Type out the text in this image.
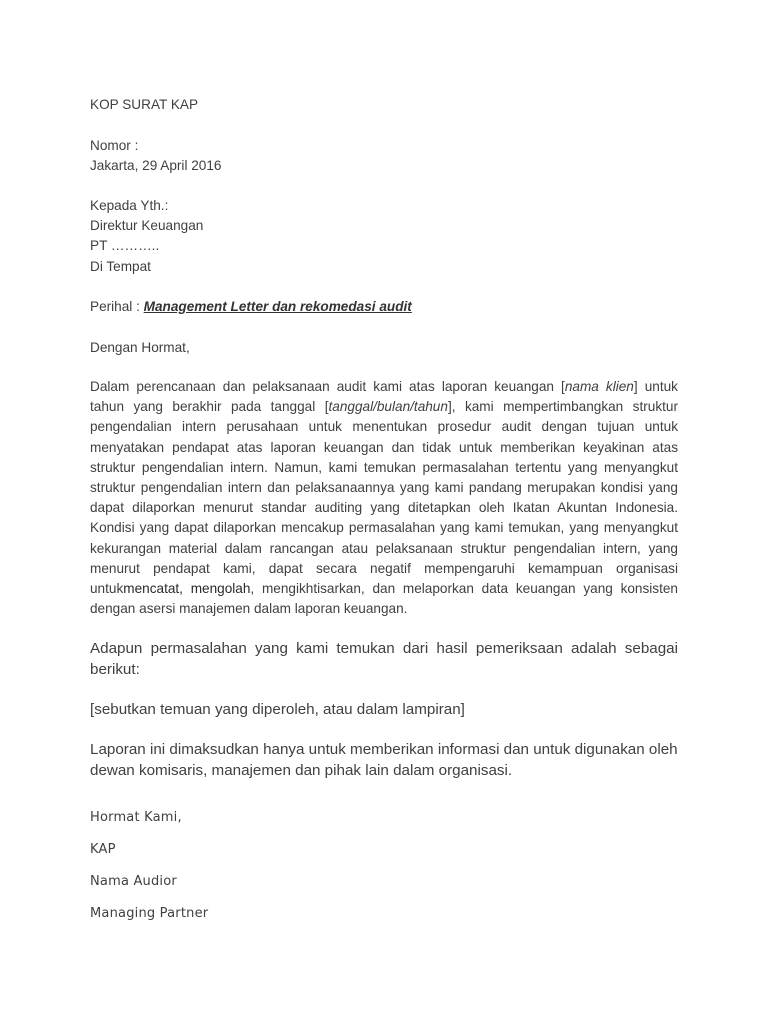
KOP SURAT KAP
Nomor :
Jakarta, 29 April 2016
Kepada Yth.:
Direktur Keuangan
PT ………..
Di Tempat
Perihal : Management Letter dan rekomedasi audit
Dengan Hormat,
Dalam perencanaan dan pelaksanaan audit kami atas laporan keuangan [nama klien] untuk
tahun yang berakhir pada tanggal [tanggal/bulan/tahun], kami mempertimbangkan struktur
pengendalian intern perusahaan untuk menentukan prosedur audit dengan tujuan untuk
menyatakan pendapat atas laporan keuangan dan tidak untuk memberikan keyakinan atas
struktur pengendalian intern. Namun, kami temukan permasalahan tertentu yang menyangkut
struktur pengendalian intern dan pelaksanaannya yang kami pandang merupakan kondisi yang
dapat dilaporkan menurut standar auditing yang ditetapkan oleh Ikatan Akuntan Indonesia.
Kondisi yang dapat dilaporkan mencakup permasalahan yang kami temukan, yang menyangkut
kekurangan material dalam rancangan atau pelaksanaan struktur pengendalian intern, yang
menurut pendapat kami, dapat secara negatif mempengaruhi kemampuan organisasi
untukmencatat, mengolah, mengikhtisarkan, dan melaporkan data keuangan yang konsisten
dengan asersi manajemen dalam laporan keuangan.
Adapun permasalahan yang kami temukan dari hasil pemeriksaan adalah sebagai
berikut:
[sebutkan temuan yang diperoleh, atau dalam lampiran]
Laporan ini dimaksudkan hanya untuk memberikan informasi dan untuk digunakan oleh
dewan komisaris, manajemen dan pihak lain dalam organisasi.
Hormat Kami,
KAP
Nama Audior
Managing Partner
